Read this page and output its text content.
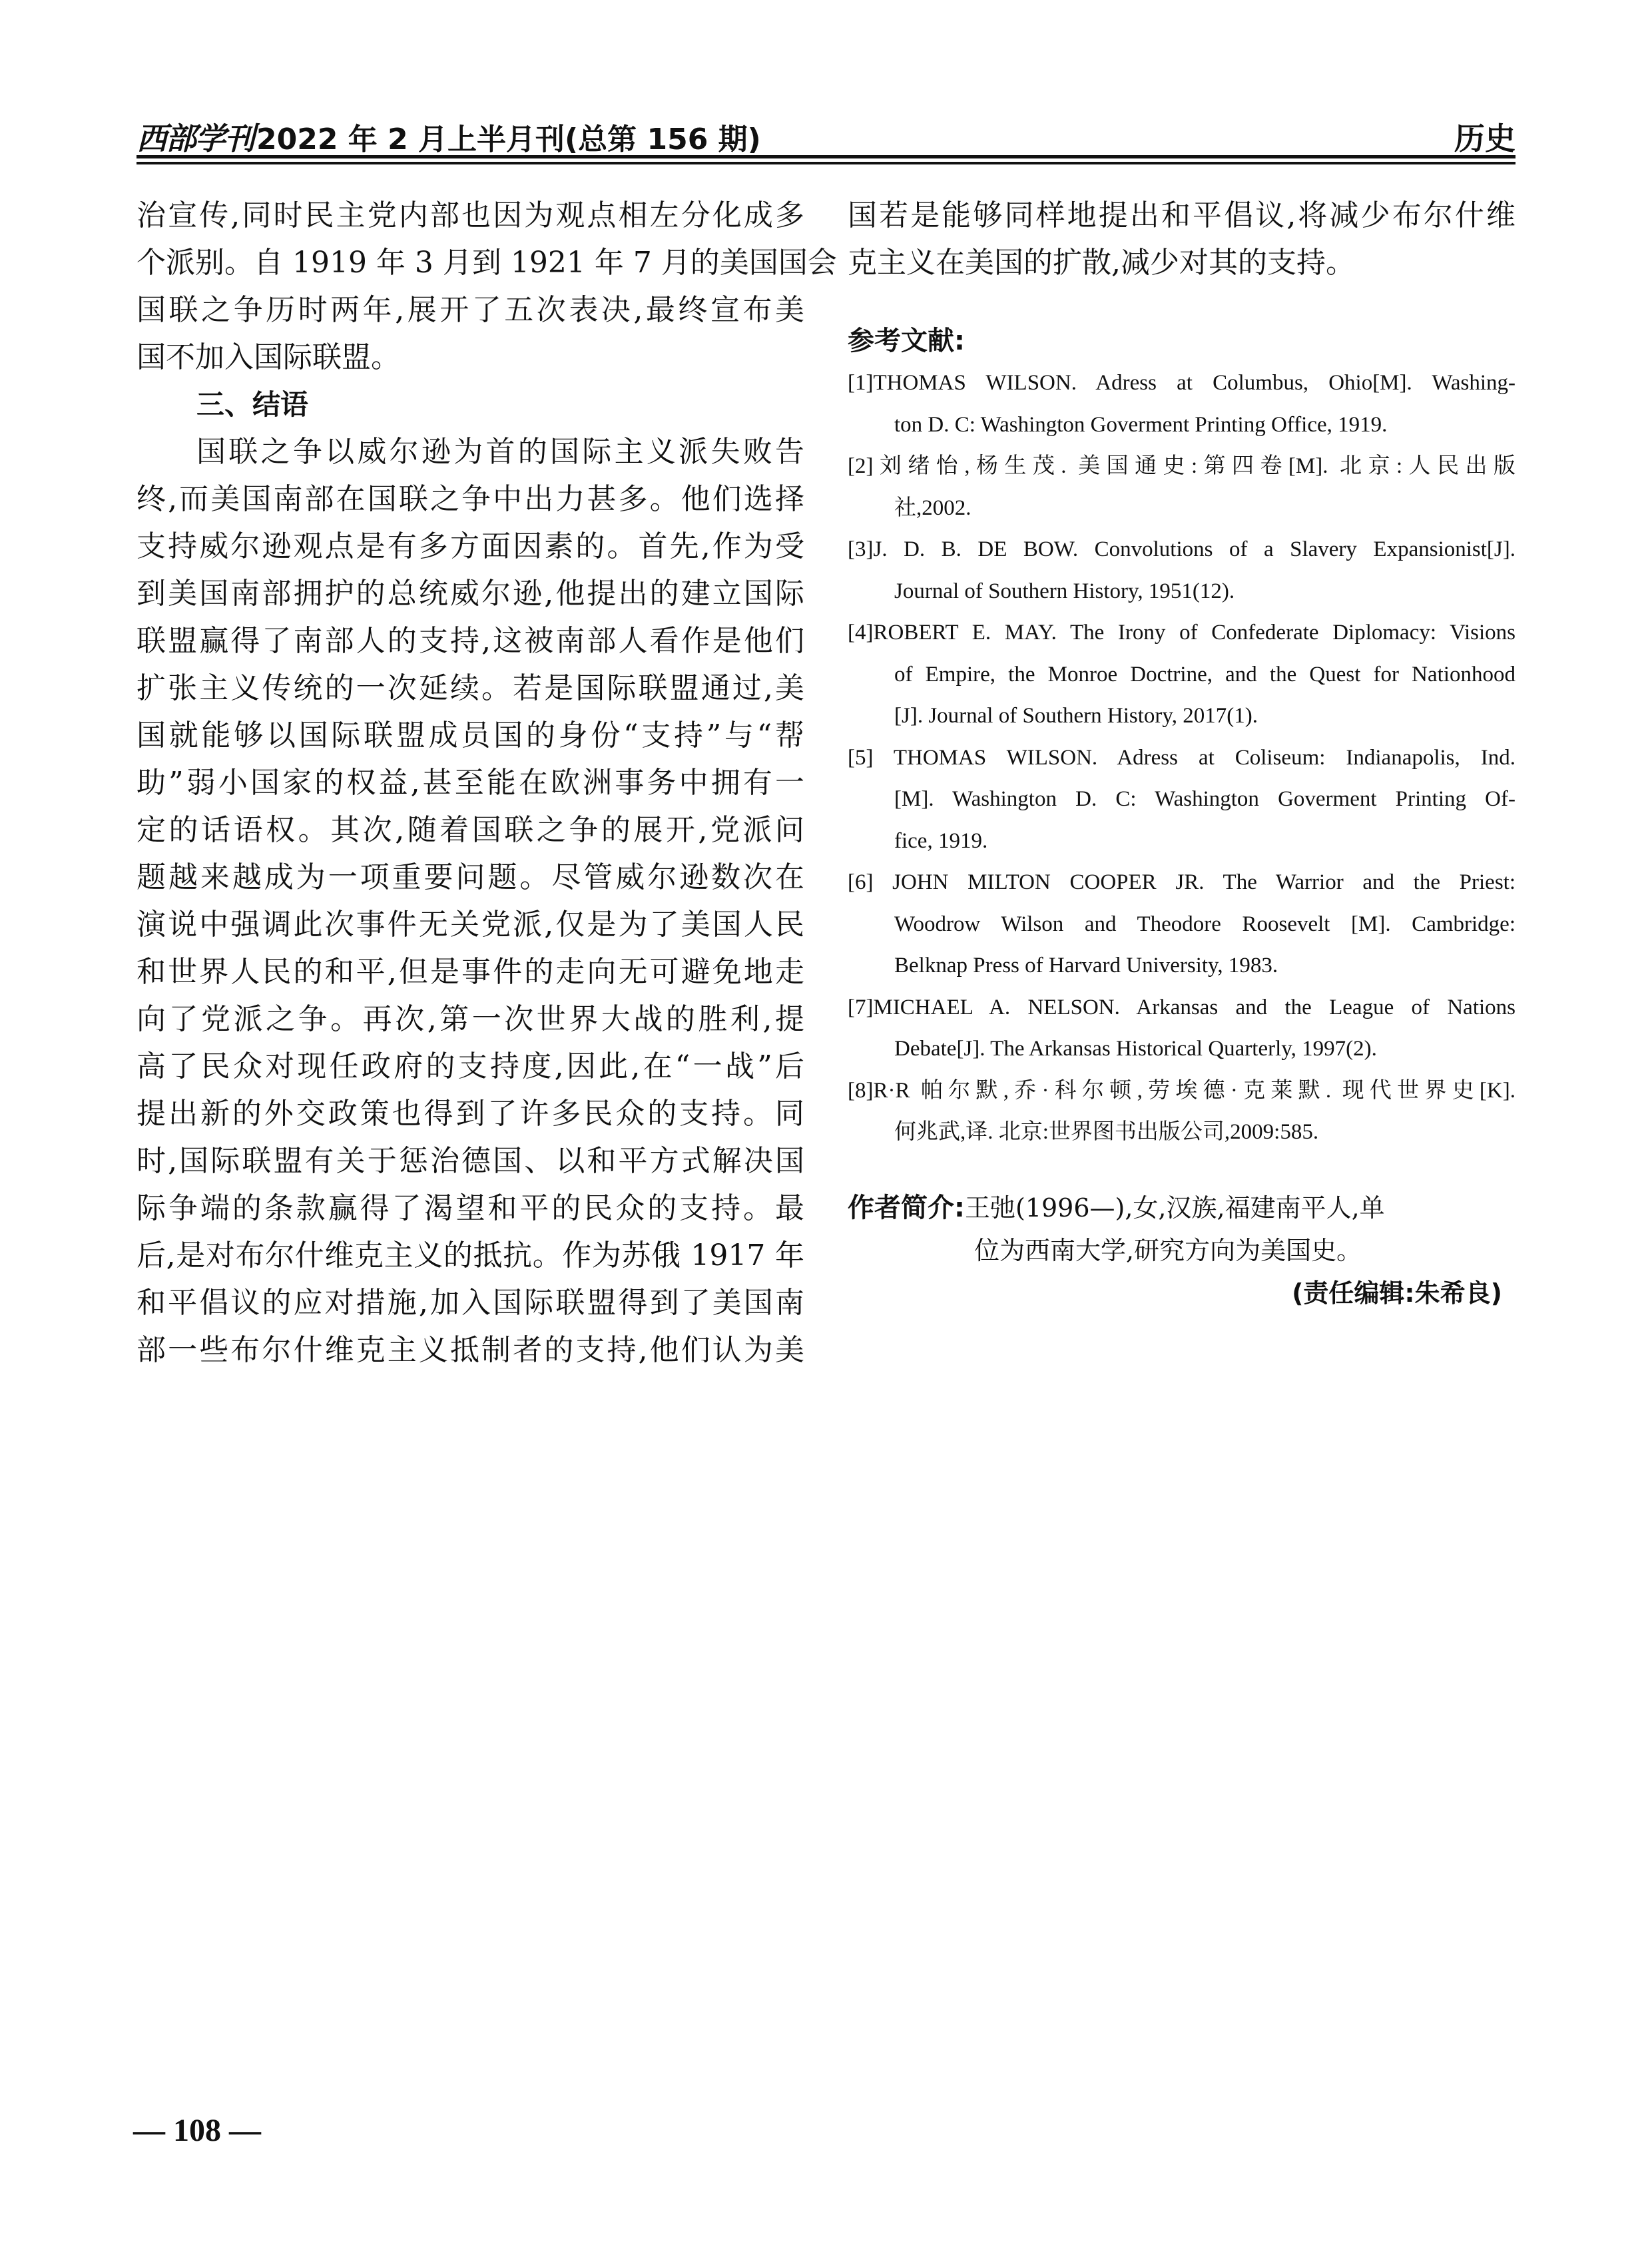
西部学刊2022 年 2 月上半月刊(总第 156 期)	历史
治宣传,同时民主党内部也因为观点相左分化成多
个派别。自 1919 年 3 月到 1921 年 7 月的美国国会
国联之争历时两年,展开了五次表决,最终宣布美
国不加入国际联盟。
三、结语
国联之争以威尔逊为首的国际主义派失败告
终,而美国南部在国联之争中出力甚多。他们选择
支持威尔逊观点是有多方面因素的。首先,作为受
到美国南部拥护的总统威尔逊,他提出的建立国际
联盟赢得了南部人的支持,这被南部人看作是他们
扩张主义传统的一次延续。若是国际联盟通过,美
国就能够以国际联盟成员国的身份“支持”与“帮
助”弱小国家的权益,甚至能在欧洲事务中拥有一
定的话语权。其次,随着国联之争的展开,党派问
题越来越成为一项重要问题。尽管威尔逊数次在
演说中强调此次事件无关党派,仅是为了美国人民
和世界人民的和平,但是事件的走向无可避免地走
向了党派之争。再次,第一次世界大战的胜利,提
高了民众对现任政府的支持度,因此,在“一战”后
提出新的外交政策也得到了许多民众的支持。同
时,国际联盟有关于惩治德国、以和平方式解决国
际争端的条款赢得了渴望和平的民众的支持。最
后,是对布尔什维克主义的抵抗。作为苏俄 1917 年
和平倡议的应对措施,加入国际联盟得到了美国南
部一些布尔什维克主义抵制者的支持,他们认为美
国若是能够同样地提出和平倡议,将减少布尔什维
克主义在美国的扩散,减少对其的支持。
参考文献:
[1]THOMAS WILSON. Adress at Columbus, Ohio[M]. Washing-
ton D. C: Washington Goverment Printing Office, 1919.
[2]刘绪怡,杨生茂. 美国通史:第四卷[M]. 北京:人民出版
社,2002.
[3]J. D. B. DE BOW. Convolutions of a Slavery Expansionist[J].
Journal of Southern History, 1951(12).
[4]ROBERT E. MAY. The Irony of Confederate Diplomacy: Visions
of Empire, the Monroe Doctrine, and the Quest for Nationhood
[J]. Journal of Southern History, 2017(1).
[5] THOMAS WILSON. Adress at Coliseum: Indianapolis, Ind.
[M]. Washington D. C: Washington Goverment Printing Of-
fice, 1919.
[6] JOHN MILTON COOPER JR. The Warrior and the Priest:
Woodrow Wilson and Theodore Roosevelt [M]. Cambridge:
Belknap Press of Harvard University, 1983.
[7]MICHAEL A. NELSON. Arkansas and the League of Nations
Debate[J]. The Arkansas Historical Quarterly, 1997(2).
[8]R·R 帕尔默,乔·科尔顿,劳埃德·克莱默. 现代世界史[K].
何兆武,译. 北京:世界图书出版公司,2009:585.
作者简介:王弛(1996—),女,汉族,福建南平人,单
位为西南大学,研究方向为美国史。
(责任编辑:朱希良)
— 108 —
